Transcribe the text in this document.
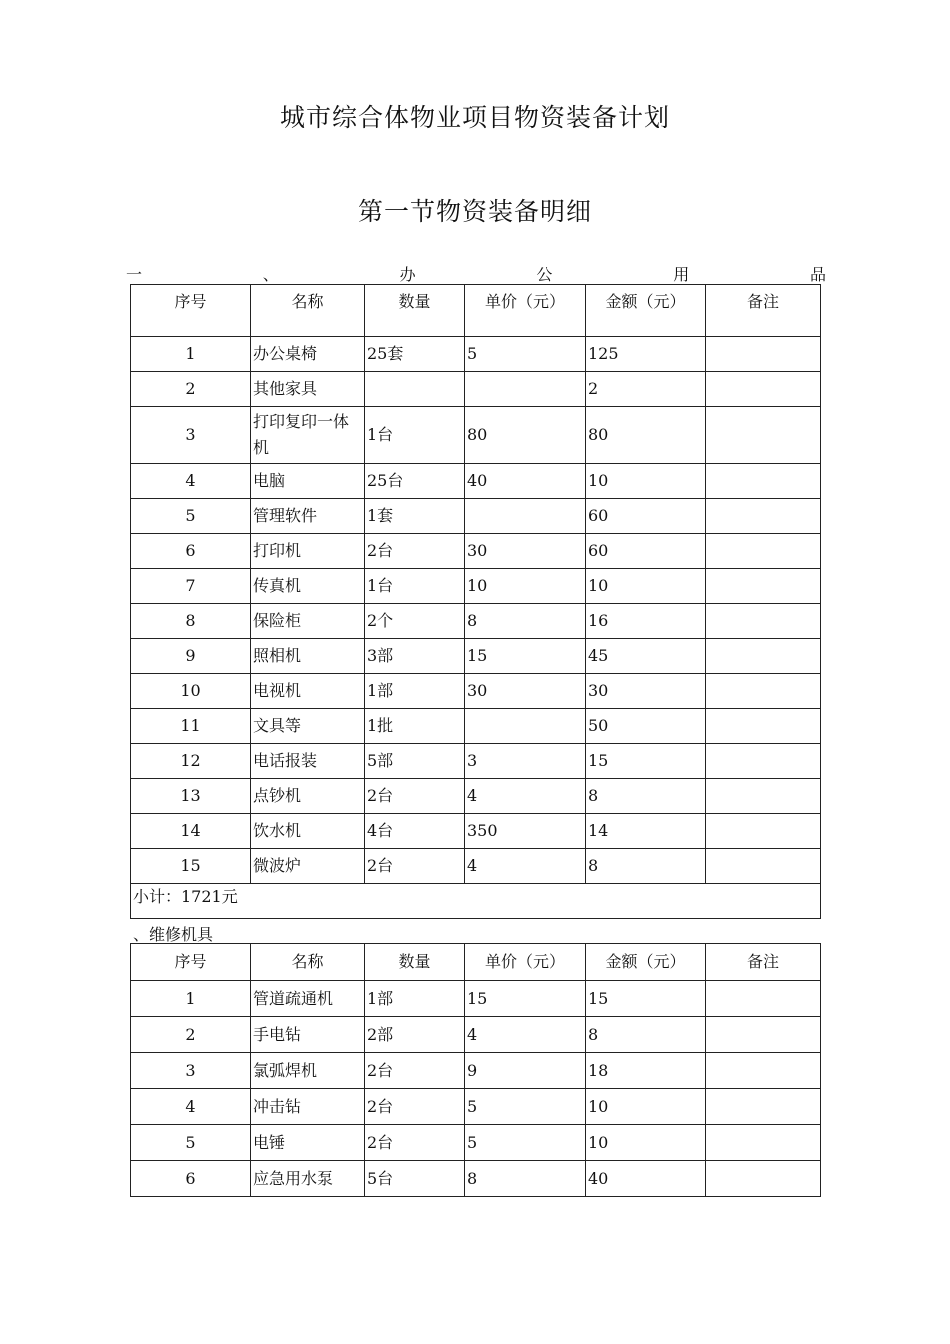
城市综合体物业项目物资装备计划
第一节物资装备明细
一	、	办	公	用	品
序号	名称	数量	单价（元）	金额（元）	备注
1	办公桌椅	25套	5	125	
2	其他家具			2	
3	打印复印一体机	1台	80	80	
4	电脑	25台	40	10	
5	管理软件	1套		60	
6	打印机	2台	30	60	
7	传真机	1台	10	10	
8	保险柜	2个	8	16	
9	照相机	3部	15	45	
10	电视机	1部	30	30	
11	文具等	1批		50	
12	电话报装	5部	3	15	
13	点钞机	2台	4	8	
14	饮水机	4台	350	14	
15	微波炉	2台	4	8	
小计：1721元					
、维修机具
序号	名称	数量	单价（元）	金额（元）	备注
1	管道疏通机	1部	15	15	
2	手电钻	2部	4	8	
3	氯弧焊机	2台	9	18	
4	冲击钻	2台	5	10	
5	电锤	2台	5	10	
6	应急用水泵	5台	8	40	
